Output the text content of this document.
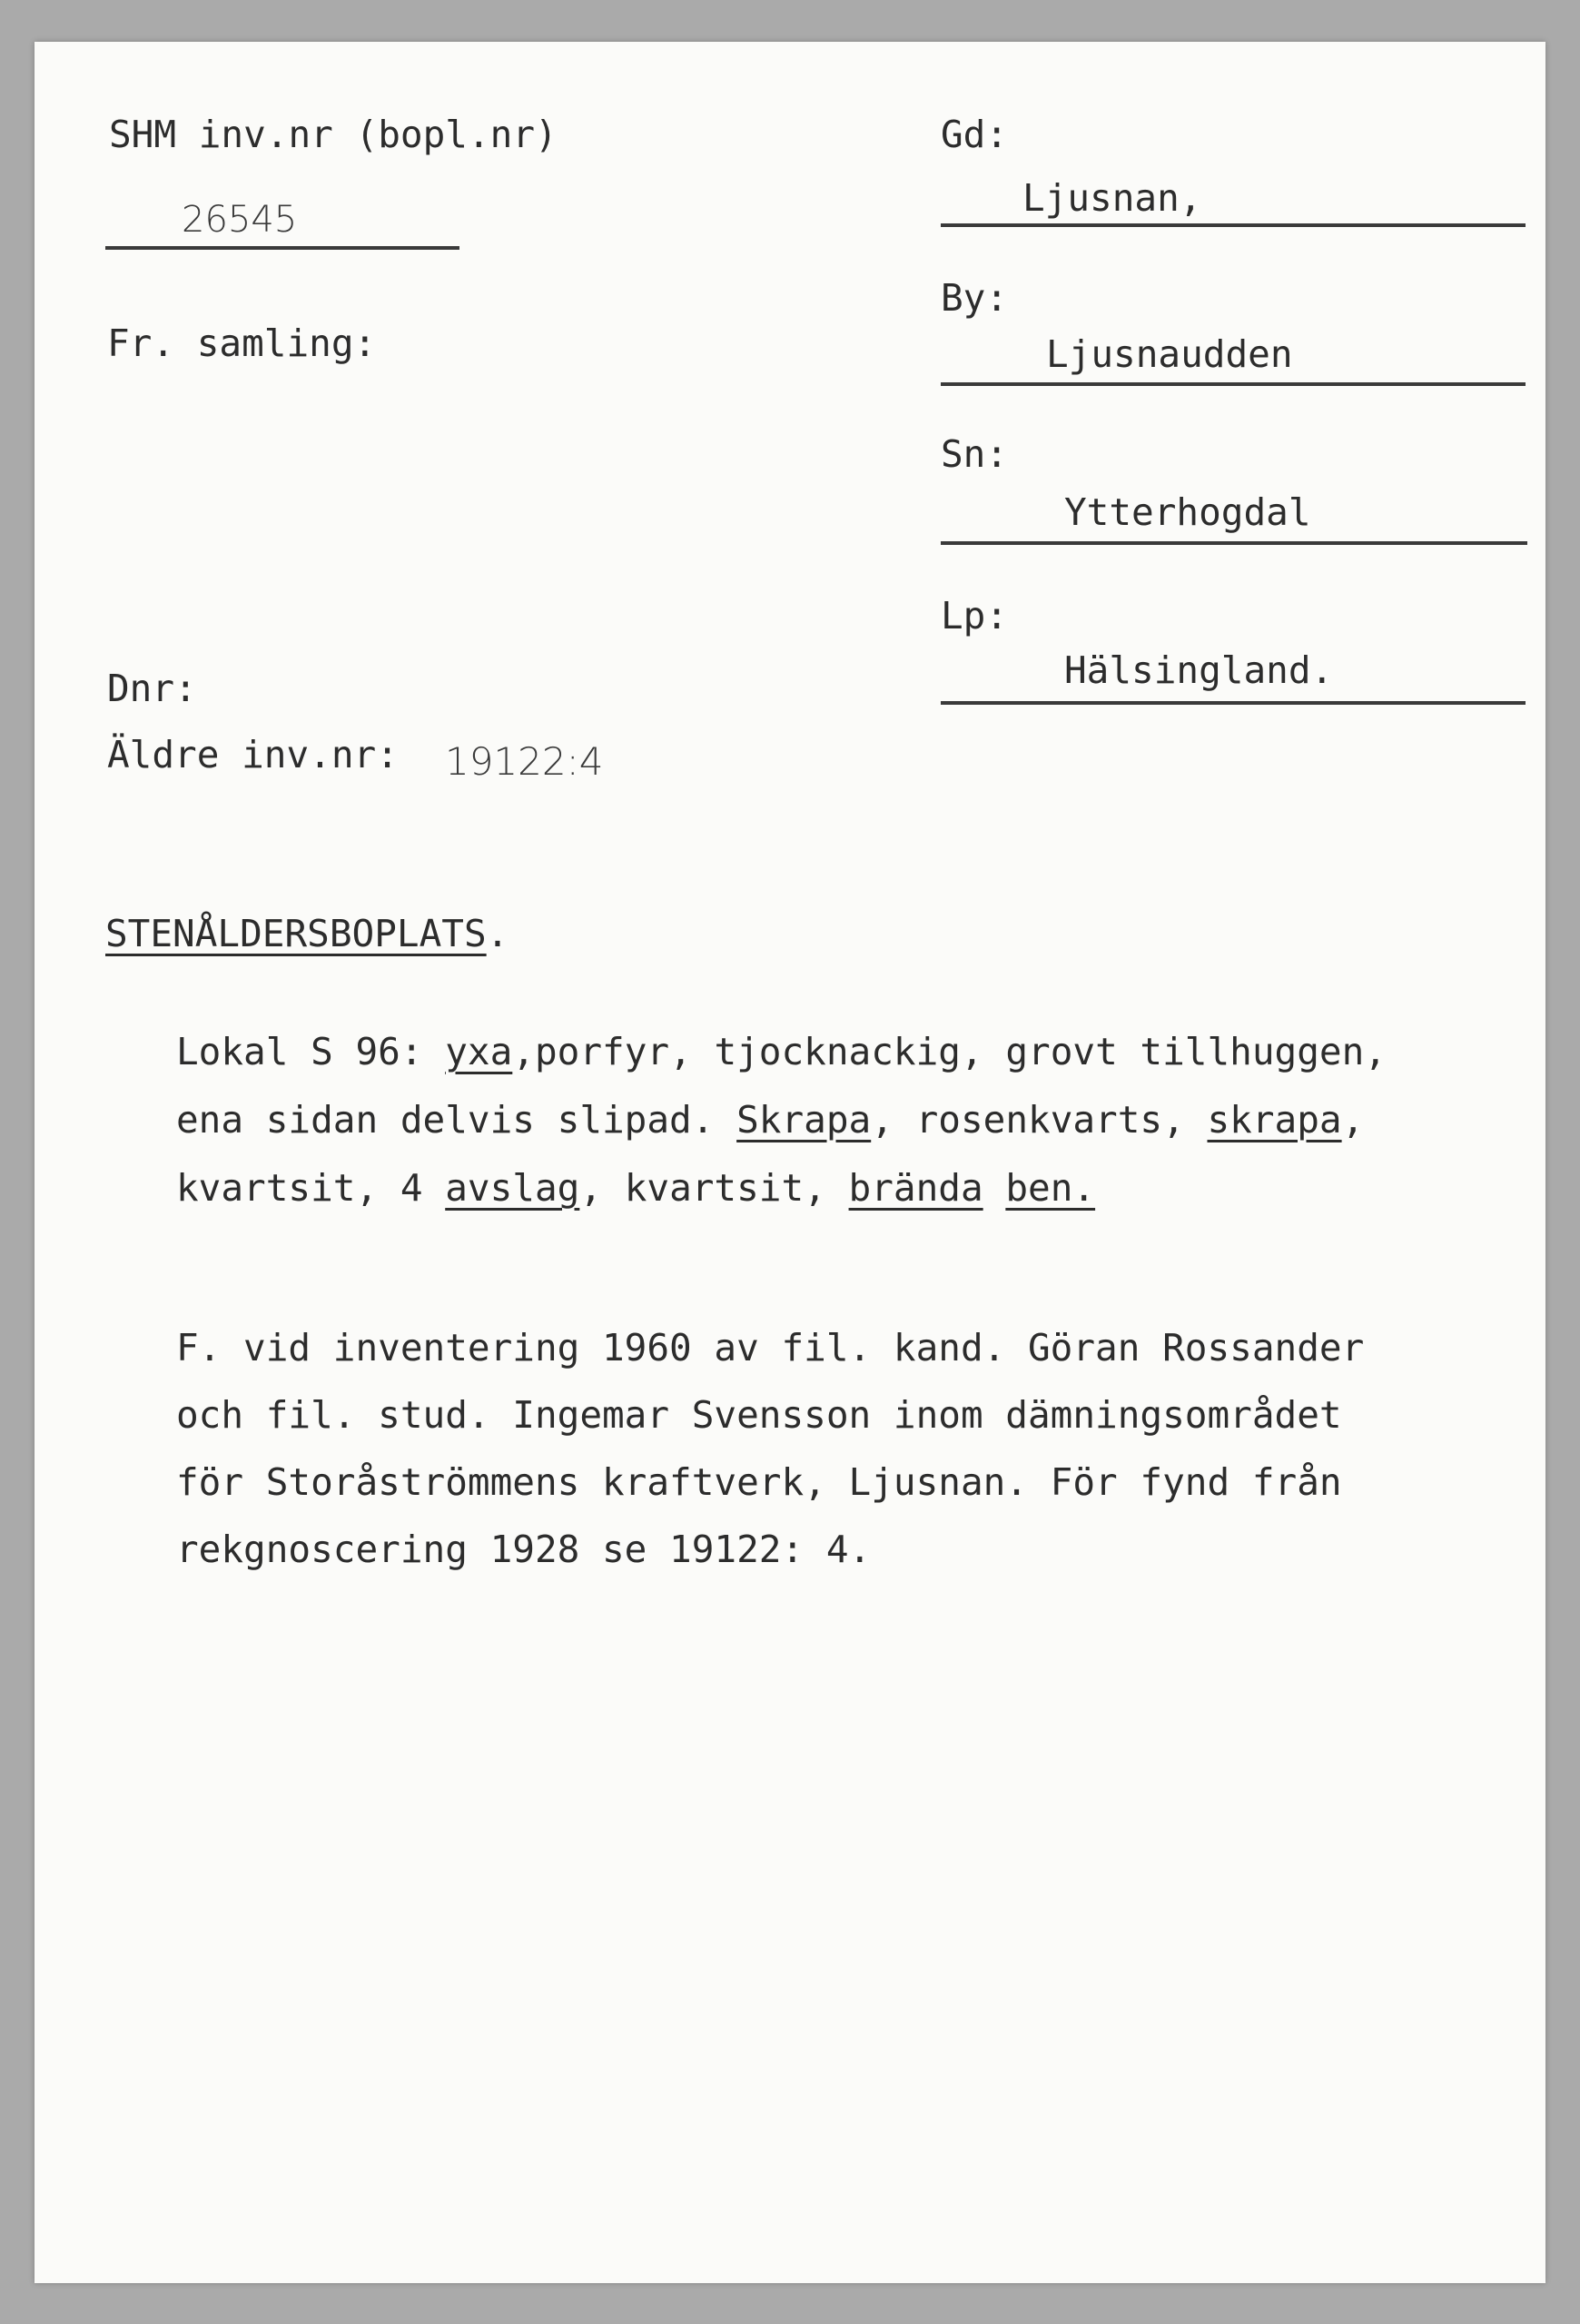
SHM inv.nr (bopl.nr)
26545
Fr. samling:
Dnr:
Äldre inv.nr: 19122:4
Gd:
Ljusnan,
By:
Ljusnaudden
Sn:
Ytterhogdal
Lp:
Hälsingland.
STENÅLDERSBOPLATS.
Lokal S 96: yxa,porfyr, tjocknackig, grovt tillhuggen,
ena sidan delvis slipad. Skrapa, rosenkvarts, skrapa,
kvartsit, 4 avslag, kvartsit, brända ben.
F. vid inventering 1960 av fil. kand. Göran Rossander
och fil. stud. Ingemar Svensson inom dämningsområdet
för Storåströmmens kraftverk, Ljusnan. För fynd från
rekgnoscering 1928 se 19122: 4.
